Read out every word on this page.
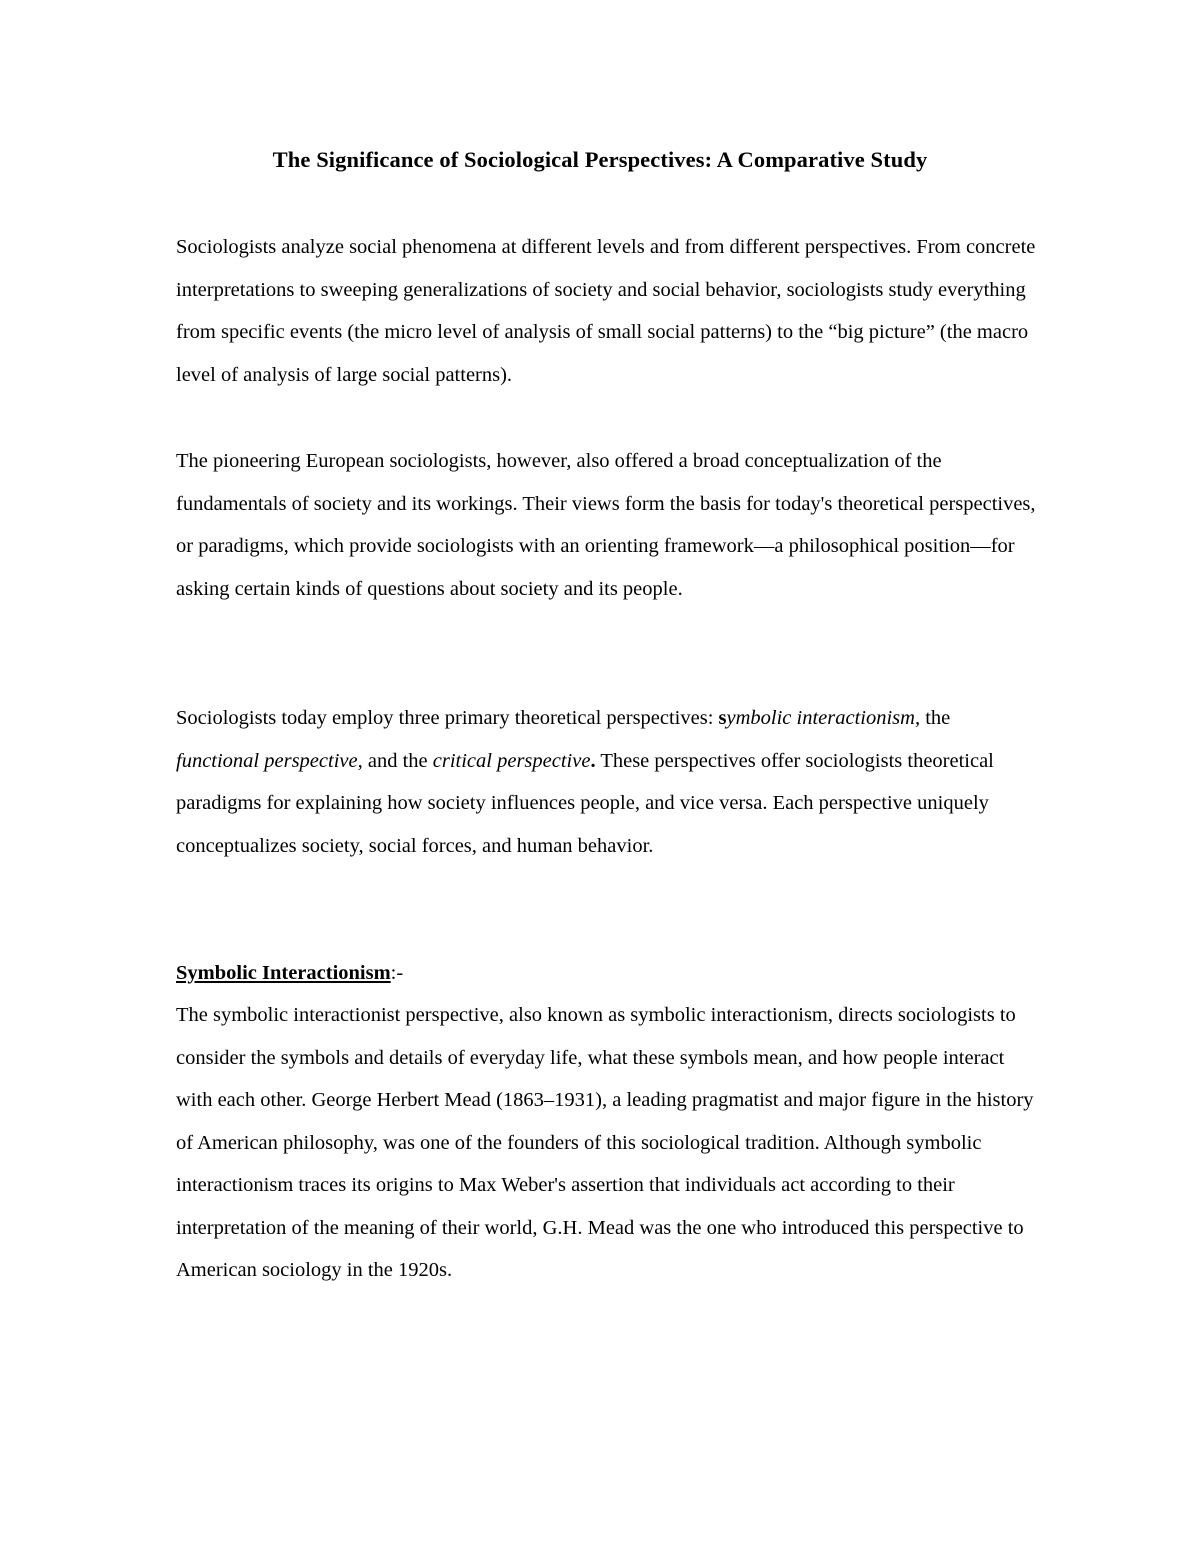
The Significance of Sociological Perspectives: A Comparative Study

Sociologists analyze social phenomena at different levels and from different perspectives. From concrete interpretations to sweeping generalizations of society and social behavior, sociologists study everything from specific events (the micro level of analysis of small social patterns) to the “big picture” (the macro level of analysis of large social patterns).

The pioneering European sociologists, however, also offered a broad conceptualization of the fundamentals of society and its workings. Their views form the basis for today's theoretical perspectives, or paradigms, which provide sociologists with an orienting framework—a philosophical position—for asking certain kinds of questions about society and its people.

Sociologists today employ three primary theoretical perspectives: symbolic interactionism, the functional perspective, and the critical perspective. These perspectives offer sociologists theoretical paradigms for explaining how society influences people, and vice versa. Each perspective uniquely conceptualizes society, social forces, and human behavior.

Symbolic Interactionism:-

The symbolic interactionist perspective, also known as symbolic interactionism, directs sociologists to consider the symbols and details of everyday life, what these symbols mean, and how people interact with each other. George Herbert Mead (1863–1931), a leading pragmatist and major figure in the history of American philosophy, was one of the founders of this sociological tradition. Although symbolic interactionism traces its origins to Max Weber's assertion that individuals act according to their interpretation of the meaning of their world, G.H. Mead was the one who introduced this perspective to American sociology in the 1920s.
